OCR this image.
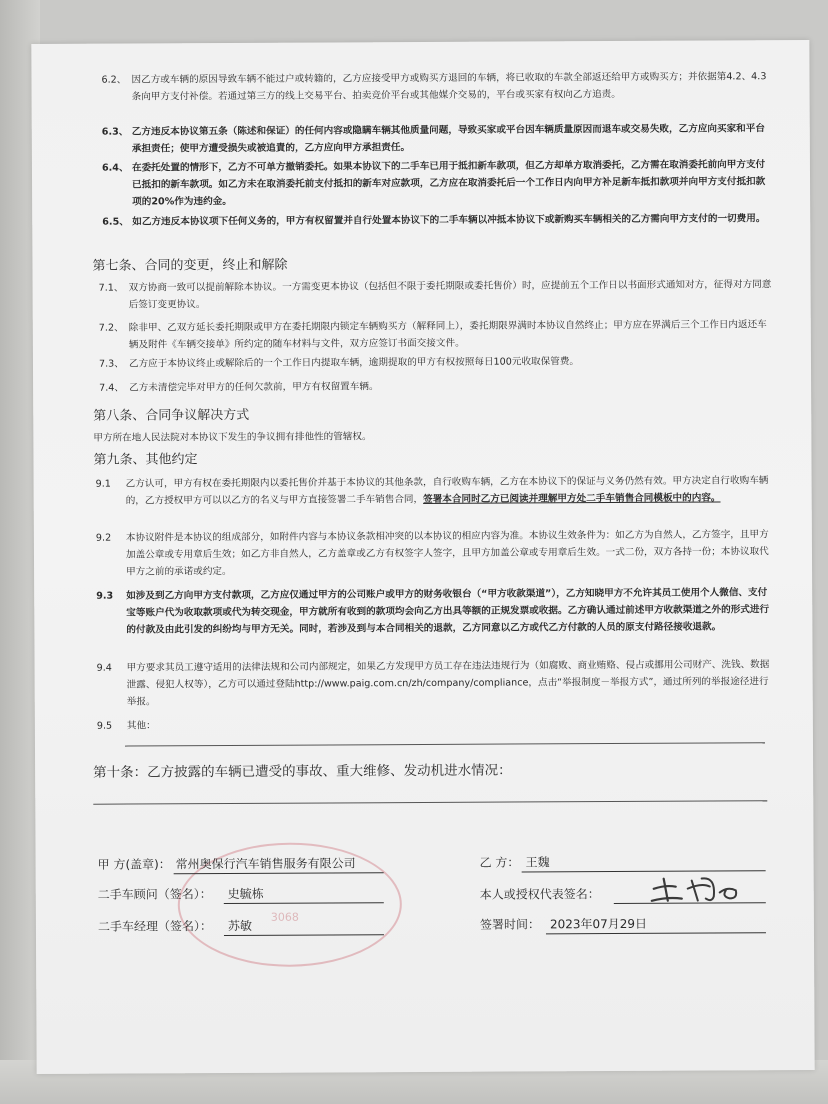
3068
6.2、 因乙方或车辆的原因导致车辆不能过户或转籍的，乙方应接受甲方或购买方退回的车辆，将已收取的车款全部返还给甲方或购买方；并依据第4.2、4.3条向甲方支付补偿。若通过第三方的线上交易平台、拍卖竞价平台或其他媒介交易的，平台或买家有权向乙方追责。
6.3、 乙方违反本协议第五条（陈述和保证）的任何内容或隐瞒车辆其他质量问题，导致买家或平台因车辆质量原因而退车或交易失败，乙方应向买家和平台承担责任；使甲方遭受损失或被追責的，乙方应向甲方承担责任。
6.4、 在委托处置的情形下，乙方不可单方撤销委托。如果本协议下的二手车已用于抵扣新车款项，但乙方却单方取消委托，乙方需在取消委托前向甲方支付已抵扣的新车款项。如乙方未在取消委托前支付抵扣的新车对应款项，乙方应在取消委托后一个工作日内向甲方补足新车抵扣款项并向甲方支付抵扣款项的20%作为违约金。
6.5、 如乙方违反本协议项下任何义务的，甲方有权留置并自行处置本协议下的二手车辆以冲抵本协议下或新购买车辆相关的乙方需向甲方支付的一切费用。
第七条、合同的变更，终止和解除
7.1、 双方协商一致可以提前解除本协议。一方需变更本协议（包括但不限于委托期限或委托售价）时，应提前五个工作日以书面形式通知对方，征得对方同意后签订变更协议。
7.2、 除非甲、乙双方延长委托期限或甲方在委托期限内锁定车辆购买方（解释同上），委托期限界满时本协议自然终止；甲方应在界满后三个工作日内返还车辆及附件《车辆交接单》所约定的随车材料与文件，双方应签订书面交接文件。
7.3、 乙方应于本协议终止或解除后的一个工作日内提取车辆，逾期提取的甲方有权按照每日100元收取保管费。
7.4、 乙方未清偿完毕对甲方的任何欠款前，甲方有权留置车辆。
第八条、合同争议解决方式
甲方所在地人民法院对本协议下发生的争议拥有排他性的管辖权。
第九条、其他约定
9.1	乙方认可，甲方有权在委托期限内以委托售价并基于本协议的其他条款，自行收购车辆，乙方在本协议下的保证与义务仍然有效。甲方决定自行收购车辆的，乙方授权甲方可以以乙方的名义与甲方直接签署二手车销售合同，签署本合同时乙方已阅读并理解甲方处二手车销售合同模板中的内容。
9.2	本协议附件是本协议的组成部分，如附件内容与本协议条款相冲突的以本协议的相应内容为准。本协议生效条件为：如乙方为自然人，乙方签字，且甲方加盖公章或专用章后生效；如乙方非自然人，乙方盖章或乙方有权签字人签字，且甲方加盖公章或专用章后生效。一式二份，双方各持一份；本协议取代甲方之前的承诺或约定。
9.3	如涉及到乙方向甲方支付款项，乙方应仅通过甲方的公司账户或甲方的财务收银台（“甲方收款渠道”），乙方知晓甲方不允许其员工使用个人微信、支付宝等账户代为收取款项或代为转交现金，甲方就所有收到的款项均会向乙方出具等额的正规发票或收据。乙方确认通过前述甲方收款渠道之外的形式进行的付款及由此引发的纠纷均与甲方无关。同时，若涉及到与本合同相关的退款，乙方同意以乙方或代乙方付款的人员的原支付路径接收退款。
9.4	甲方要求其员工遵守适用的法律法规和公司内部规定，如果乙方发现甲方员工存在违法违规行为（如腐败、商业贿赂、侵占或挪用公司财产、洗钱、数据泄露、侵犯人权等），乙方可以通过登陆http://www.paig.com.cn/zh/company/compliance，点击“举报制度－举报方式”，通过所列的举报途径进行举报。
9.5	其他：
第十条：乙方披露的车辆已遭受的事故、重大维修、发动机进水情况：
甲 方(盖章)： 常州奥保行汽车销售服务有限公司
二手车顾问（签名）： 史毓栋
二手车经理（签名）： 苏敏
乙 方： 王魏
本人或授权代表签名：
签署时间： 2023年07月29日
